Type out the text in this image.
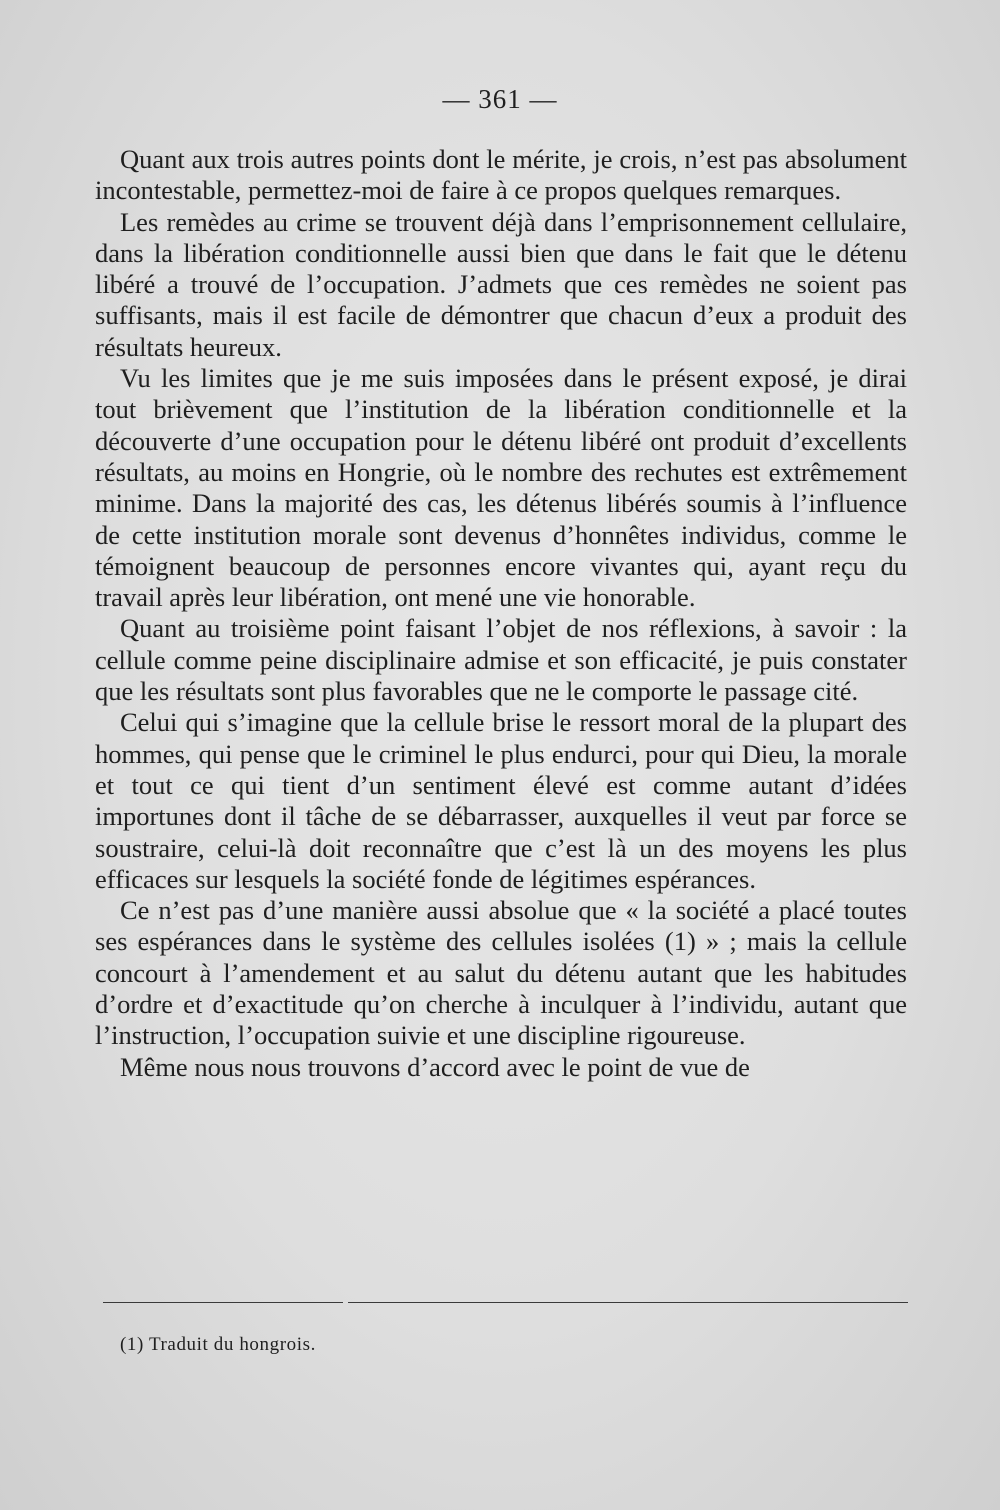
— 361 —

Quant aux trois autres points dont le mérite, je crois, n’est pas absolument incontestable, permettez-moi de faire à ce propos quelques remarques.

Les remèdes au crime se trouvent déjà dans l’emprisonnement cellulaire, dans la libération conditionnelle aussi bien que dans le fait que le détenu libéré a trouvé de l’occupation. J’admets que ces remèdes ne soient pas suffisants, mais il est facile de démontrer que chacun d’eux a produit des résultats heureux.

Vu les limites que je me suis imposées dans le présent exposé, je dirai tout brièvement que l’institution de la libération conditionnelle et la découverte d’une occupation pour le détenu libéré ont produit d’excellents résultats, au moins en Hongrie, où le nombre des rechutes est extrêmement minime. Dans la majorité des cas, les détenus libérés soumis à l’influence de cette institution morale sont devenus d’honnêtes individus, comme le témoignent beaucoup de personnes encore vivantes qui, ayant reçu du travail après leur libération, ont mené une vie honorable.

Quant au troisième point faisant l’objet de nos réflexions, à savoir : la cellule comme peine disciplinaire admise et son efficacité, je puis constater que les résultats sont plus favorables que ne le comporte le passage cité.

Celui qui s’imagine que la cellule brise le ressort moral de la plupart des hommes, qui pense que le criminel le plus endurci, pour qui Dieu, la morale et tout ce qui tient d’un sentiment élevé est comme autant d’idées importunes dont il tâche de se débarrasser, auxquelles il veut par force se soustraire, celui-là doit reconnaître que c’est là un des moyens les plus efficaces sur lesquels la société fonde de légitimes espérances.

Ce n’est pas d’une manière aussi absolue que « la société a placé toutes ses espérances dans le système des cellules isolées (1) » ; mais la cellule concourt à l’amendement et au salut du détenu autant que les habitudes d’ordre et d’exactitude qu’on cherche à inculquer à l’individu, autant que l’instruction, l’occupation suivie et une discipline rigoureuse.

Même nous nous trouvons d’accord avec le point de vue de

(1) Traduit du hongrois.
